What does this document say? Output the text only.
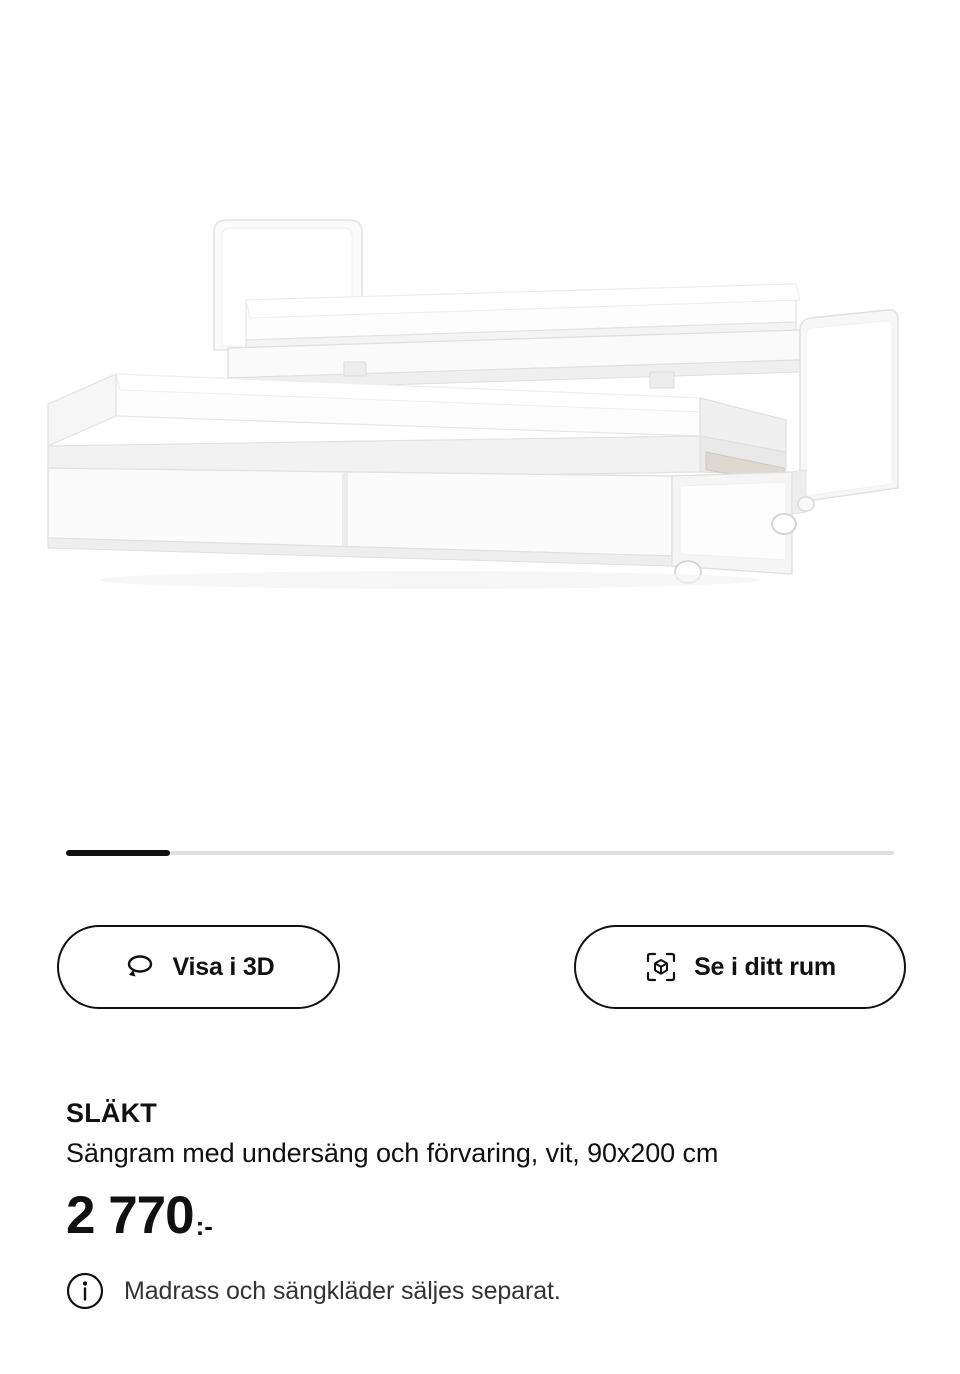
Visa i 3D	Se i ditt rum
SLÄKT

Sängram med undersäng och förvaring, vit, 90x200 cm

2 770 :-
Madrass och sängkläder säljes separat.
